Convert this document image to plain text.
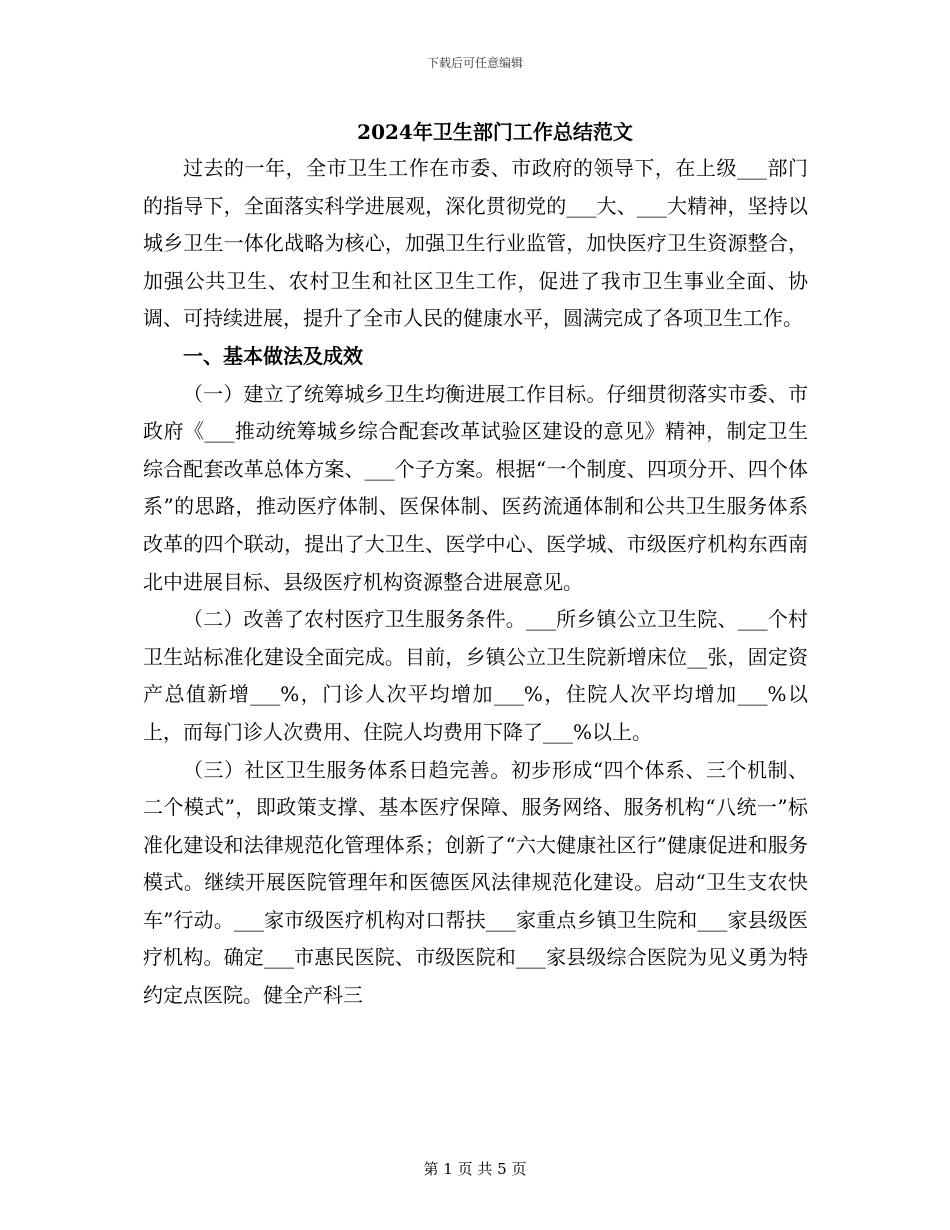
下载后可任意编辑
2024年卫生部门工作总结范文

过去的一年，全市卫生工作在市委、市政府的领导下，在上级___部门的指导下，全面落实科学进展观，深化贯彻党的___大、___大精神，坚持以城乡卫生一体化战略为核心，加强卫生行业监管，加快医疗卫生资源整合，加强公共卫生、农村卫生和社区卫生工作，促进了我市卫生事业全面、协调、可持续进展，提升了全市人民的健康水平，圆满完成了各项卫生工作。

一、基本做法及成效

（一）建立了统筹城乡卫生均衡进展工作目标。仔细贯彻落实市委、市政府《___推动统筹城乡综合配套改革试验区建设的意见》精神，制定卫生综合配套改革总体方案、___个子方案。根据“一个制度、四项分开、四个体系”的思路，推动医疗体制、医保体制、医药流通体制和公共卫生服务体系改革的四个联动，提出了大卫生、医学中心、医学城、市级医疗机构东西南北中进展目标、县级医疗机构资源整合进展意见。

（二）改善了农村医疗卫生服务条件。___所乡镇公立卫生院、___个村卫生站标准化建设全面完成。目前，乡镇公立卫生院新增床位__张，固定资产总值新增___%，门诊人次平均增加___%，住院人次平均增加___%以上，而每门诊人次费用、住院人均费用下降了___%以上。

（三）社区卫生服务体系日趋完善。初步形成“四个体系、三个机制、二个模式”，即政策支撑、基本医疗保障、服务网络、服务机构“八统一”标准化建设和法律规范化管理体系；创新了“六大健康社区行”健康促进和服务模式。继续开展医院管理年和医德医风法律规范化建设。启动“卫生支农快车”行动。___家市级医疗机构对口帮扶___家重点乡镇卫生院和___家县级医疗机构。确定___市惠民医院、市级医院和___家县级综合医院为见义勇为特约定点医院。健全产科三

第 1 页 共 5 页
